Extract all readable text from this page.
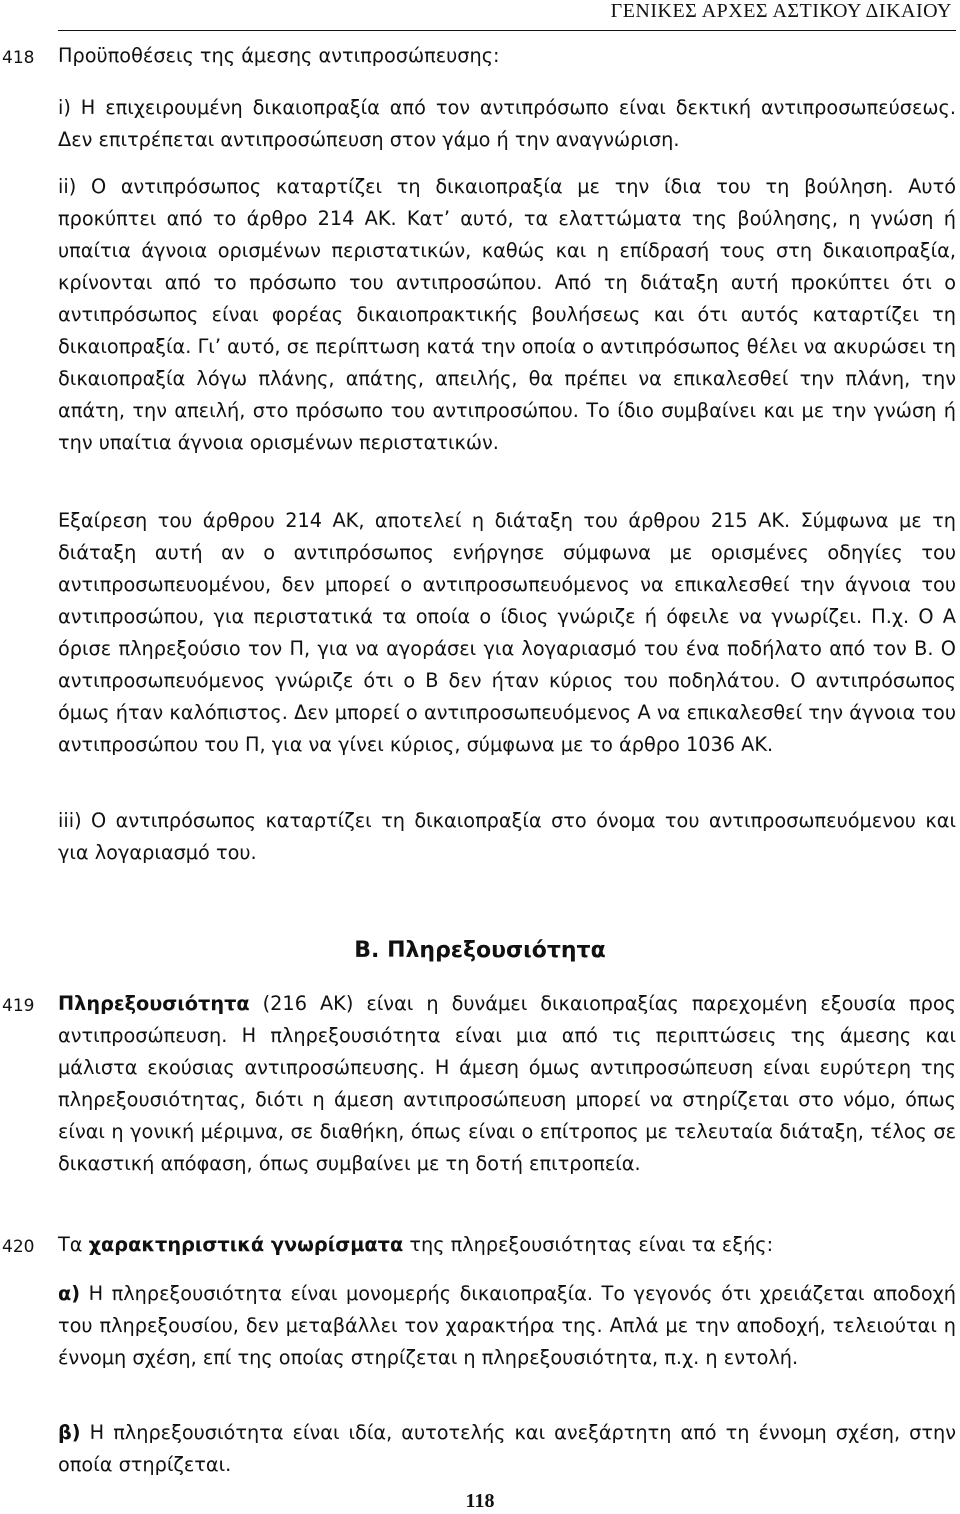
ΓΕΝΙΚΕΣ ΑΡΧΕΣ ΑΣΤΙΚΟΥ ΔΙΚΑΙΟΥ
418 Προϋποθέσεις της άμεσης αντιπροσώπευσης:

i) Η επιχειρουμένη δικαιοπραξία από τον αντιπρόσωπο είναι δεκτική αντιπροσωπεύσεως. Δεν επιτρέπεται αντιπροσώπευση στον γάμο ή την αναγνώριση.

ii) Ο αντιπρόσωπος καταρτίζει τη δικαιοπραξία με την ίδια του τη βούληση. Αυτό προκύπτει από το άρθρο 214 ΑΚ. Κατ’ αυτό, τα ελαττώματα της βούλησης, η γνώση ή υπαίτια άγνοια ορισμένων περιστατικών, καθώς και η επίδρασή τους στη δικαιοπραξία, κρίνονται από το πρόσωπο του αντιπροσώπου. Από τη διάταξη αυτή προκύπτει ότι ο αντιπρόσωπος είναι φορέας δικαιοπρακτικής βουλήσεως και ότι αυτός καταρτίζει τη δικαιοπραξία. Γι’ αυτό, σε περίπτωση κατά την οποία ο αντιπρόσωπος θέλει να ακυρώσει τη δικαιοπραξία λόγω πλάνης, απάτης, απειλής, θα πρέπει να επικαλεσθεί την πλάνη, την απάτη, την απειλή, στο πρόσωπο του αντιπροσώπου. Το ίδιο συμβαίνει και με την γνώση ή την υπαίτια άγνοια ορισμένων περιστατικών.

Εξαίρεση του άρθρου 214 ΑΚ, αποτελεί η διάταξη του άρθρου 215 ΑΚ. Σύμφωνα με τη διάταξη αυτή αν ο αντιπρόσωπος ενήργησε σύμφωνα με ορισμένες οδηγίες του αντιπροσωπευομένου, δεν μπορεί ο αντιπροσωπευόμενος να επικαλεσθεί την άγνοια του αντιπροσώπου, για περιστατικά τα οποία ο ίδιος γνώριζε ή όφειλε να γνωρίζει. Π.χ. Ο Α όρισε πληρεξούσιο τον Π, για να αγοράσει για λογαριασμό του ένα ποδήλατο από τον Β. Ο αντιπροσωπευόμενος γνώριζε ότι ο Β δεν ήταν κύριος του ποδηλάτου. Ο αντιπρόσωπος όμως ήταν καλόπιστος. Δεν μπορεί ο αντιπροσωπευόμενος Α να επικαλεσθεί την άγνοια του αντιπροσώπου του Π, για να γίνει κύριος, σύμφωνα με το άρθρο 1036 ΑΚ.

iii) Ο αντιπρόσωπος καταρτίζει τη δικαιοπραξία στο όνομα του αντιπροσωπευόμενου και για λογαριασμό του.

Β. Πληρεξουσιότητα
419 Πληρεξουσιότητα (216 ΑΚ) είναι η δυνάμει δικαιοπραξίας παρεχομένη εξουσία προς αντιπροσώπευση. Η πληρεξουσιότητα είναι μια από τις περιπτώσεις της άμεσης και μάλιστα εκούσιας αντιπροσώπευσης. Η άμεση όμως αντιπροσώπευση είναι ευρύτερη της πληρεξουσιότητας, διότι η άμεση αντιπροσώπευση μπορεί να στηρίζεται στο νόμο, όπως είναι η γονική μέριμνα, σε διαθήκη, όπως είναι ο επίτροπος με τελευταία διάταξη, τέλος σε δικαστική απόφαση, όπως συμβαίνει με τη δοτή επιτροπεία.

420 Τα χαρακτηριστικά γνωρίσματα της πληρεξουσιότητας είναι τα εξής:

α) Η πληρεξουσιότητα είναι μονομερής δικαιοπραξία. Το γεγονός ότι χρειάζεται αποδοχή του πληρεξουσίου, δεν μεταβάλλει τον χαρακτήρα της. Απλά με την αποδοχή, τελειούται η έννομη σχέση, επί της οποίας στηρίζεται η πληρεξουσιότητα, π.χ. η εντολή.

β) Η πληρεξουσιότητα είναι ιδία, αυτοτελής και ανεξάρτητη από τη έννομη σχέση, στην οποία στηρίζεται.

118
